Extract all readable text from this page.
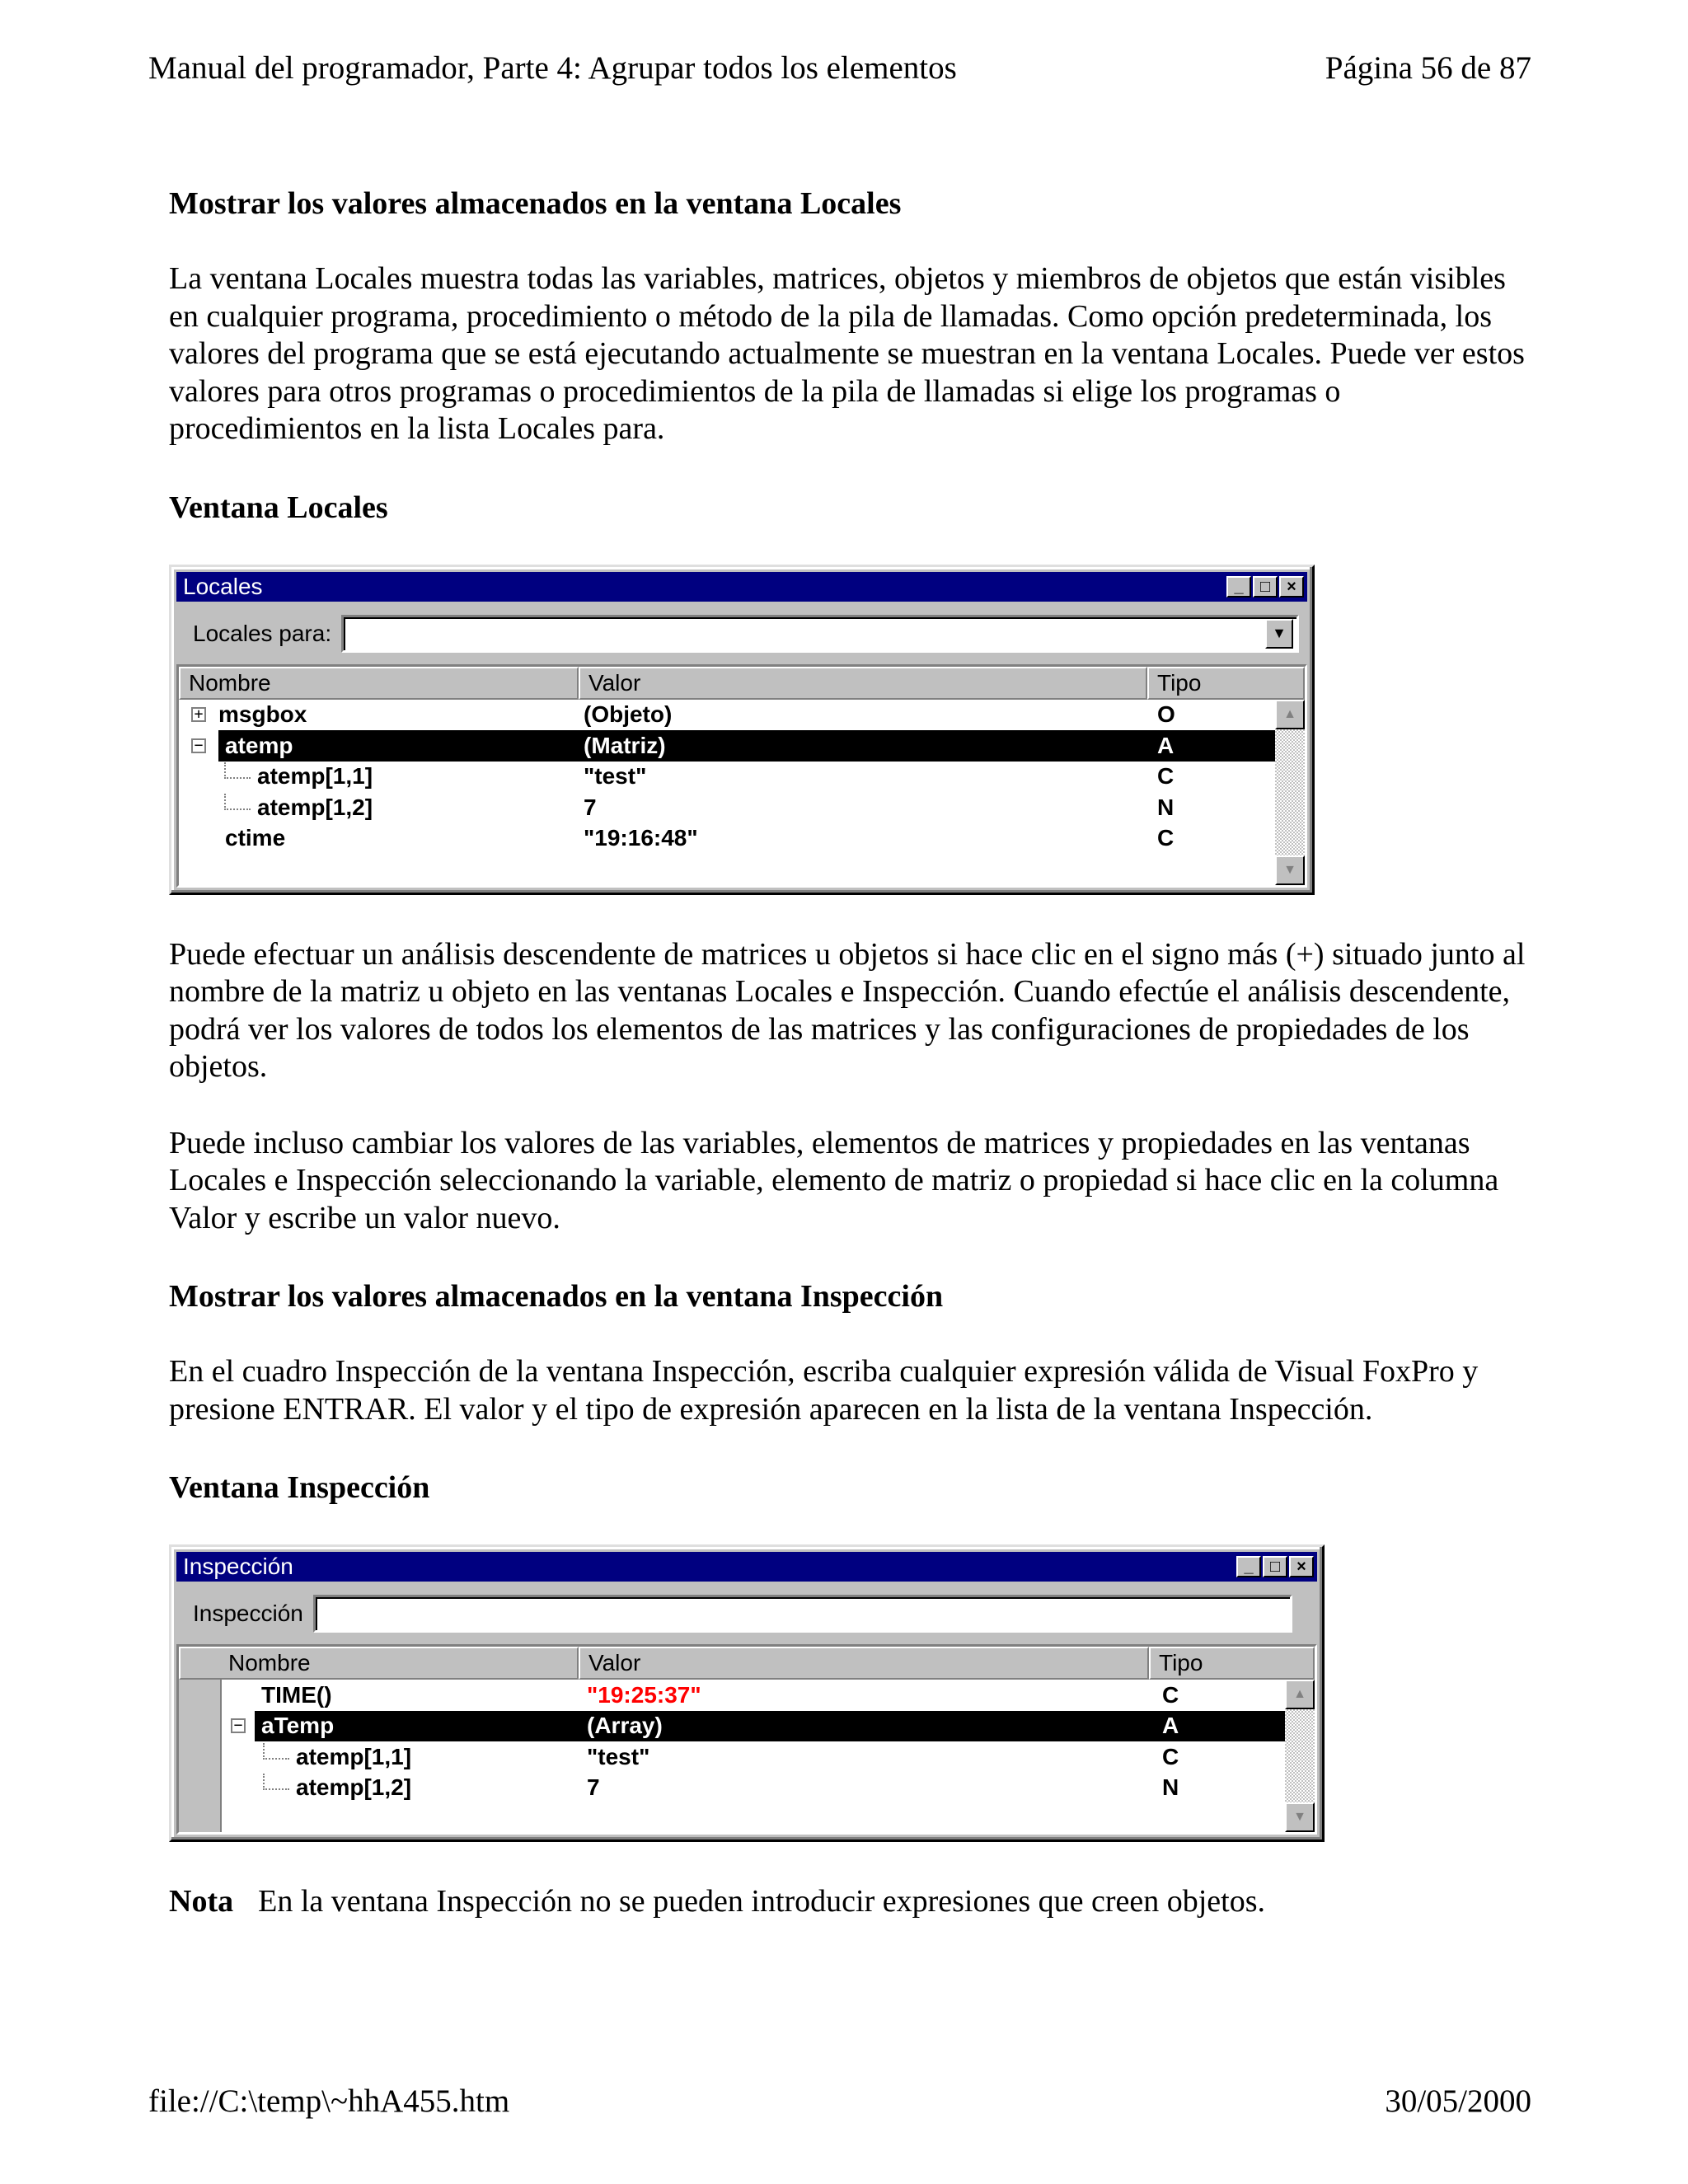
Manual del programador, Parte 4: Agrupar todos los elementos	Página 56 de 87
Mostrar los valores almacenados en la ventana Locales

La ventana Locales muestra todas las variables, matrices, objetos y miembros de objetos que están visibles en cualquier programa, procedimiento o método de la pila de llamadas. Como opción predeterminada, los valores del programa que se está ejecutando actualmente se muestran en la ventana Locales. Puede ver estos valores para otros programas o procedimientos de la pila de llamadas si elige los programas o procedimientos en la lista Locales para.

Ventana Locales
Locales	_ □ ×
Locales para:	▼
Nombre	Valor	Tipo
+ msgbox	(Objeto)	O
− atemp	(Matriz)	A
atemp[1,1]	"test"	C
atemp[1,2]	7	N
ctime	"19:16:48"	C
▲
▼

Puede efectuar un análisis descendente de matrices u objetos si hace clic en el signo más (+) situado junto al nombre de la matriz u objeto en las ventanas Locales e Inspección. Cuando efectúe el análisis descendente, podrá ver los valores de todos los elementos de las matrices y las configuraciones de propiedades de los objetos.

Puede incluso cambiar los valores de las variables, elementos de matrices y propiedades en las ventanas Locales e Inspección seleccionando la variable, elemento de matriz o propiedad si hace clic en la columna Valor y escribe un valor nuevo.

Mostrar los valores almacenados en la ventana Inspección

En el cuadro Inspección de la ventana Inspección, escriba cualquier expresión válida de Visual FoxPro y presione ENTRAR. El valor y el tipo de expresión aparecen en la lista de la ventana Inspección.

Ventana Inspección
Inspección	_ □ ×
Inspección
Nombre	Valor	Tipo
TIME()	"19:25:37"	C
− aTemp	(Array)	A
atemp[1,1]	"test"	C
atemp[1,2]	7	N
▲
▼

Nota En la ventana Inspección no se pueden introducir expresiones que creen objetos.

file://C:\temp\~hhA455.htm	30/05/2000
